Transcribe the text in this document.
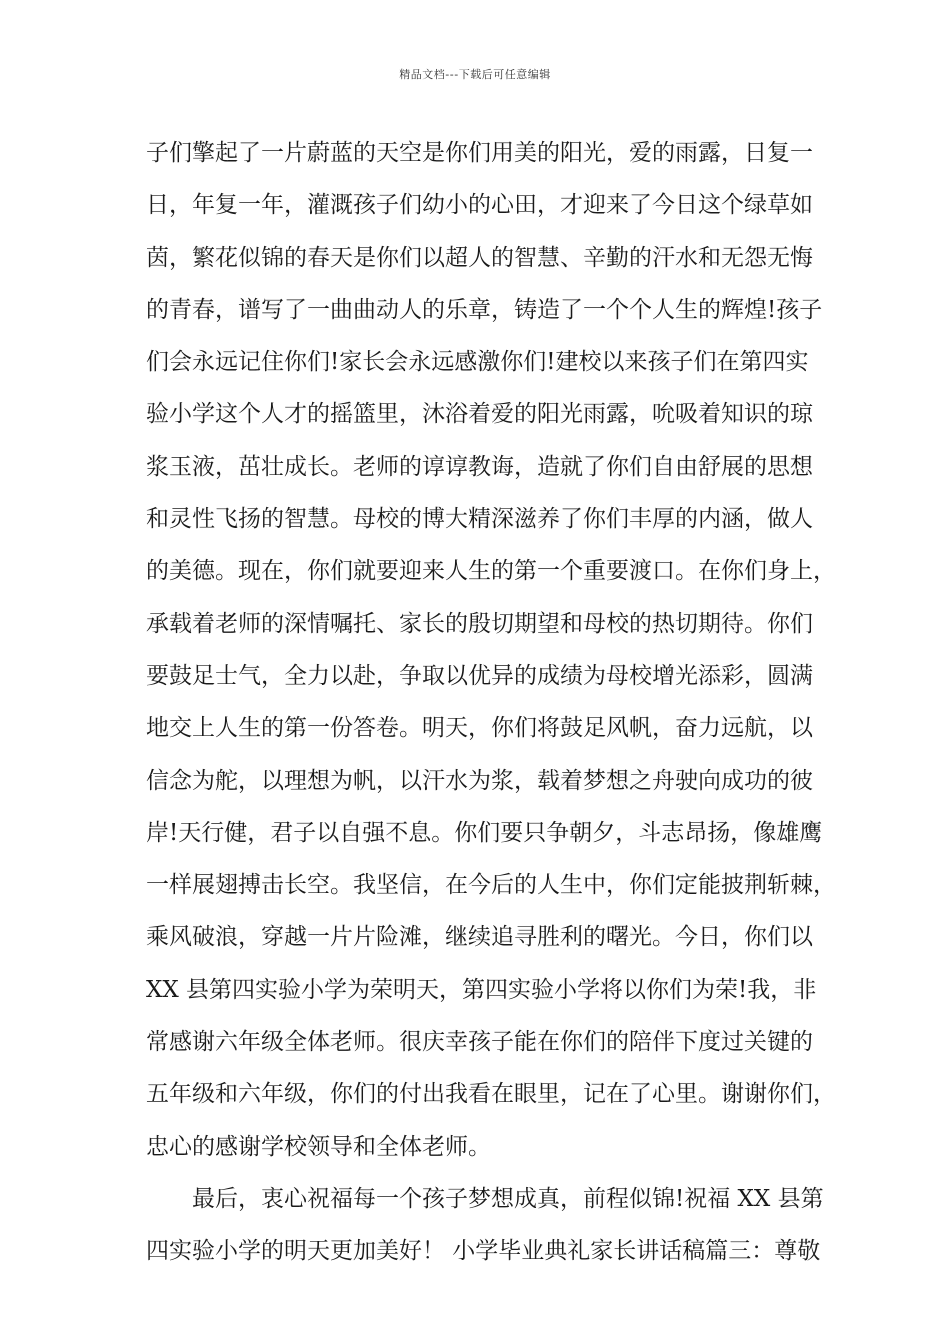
精品文档---下载后可任意编辑
子们擎起了一片蔚蓝的天空是你们用美的阳光，爱的雨露，日复一
日，年复一年，灌溉孩子们幼小的心田，才迎来了今日这个绿草如
茵，繁花似锦的春天是你们以超人的智慧、辛勤的汗水和无怨无悔
的青春，谱写了一曲曲动人的乐章，铸造了一个个人生的辉煌!孩子
们会永远记住你们!家长会永远感激你们!建校以来孩子们在第四实
验小学这个人才的摇篮里，沐浴着爱的阳光雨露，吮吸着知识的琼
浆玉液，茁壮成长。老师的谆谆教诲，造就了你们自由舒展的思想
和灵性飞扬的智慧。母校的博大精深滋养了你们丰厚的内涵，做人
的美德。现在，你们就要迎来人生的第一个重要渡口。在你们身上，
承载着老师的深情嘱托、家长的殷切期望和母校的热切期待。你们
要鼓足士气，全力以赴，争取以优异的成绩为母校增光添彩，圆满
地交上人生的第一份答卷。明天，你们将鼓足风帆，奋力远航，以
信念为舵，以理想为帆，以汗水为浆，载着梦想之舟驶向成功的彼
岸!天行健，君子以自强不息。你们要只争朝夕，斗志昂扬，像雄鹰
一样展翅搏击长空。我坚信，在今后的人生中，你们定能披荆斩棘，
乘风破浪，穿越一片片险滩，继续追寻胜利的曙光。今日，你们以
XX 县第四实验小学为荣明天，第四实验小学将以你们为荣!我，非
常感谢六年级全体老师。很庆幸孩子能在你们的陪伴下度过关键的
五年级和六年级，你们的付出我看在眼里，记在了心里。谢谢你们，
忠心的感谢学校领导和全体老师。
最后，衷心祝福每一个孩子梦想成真，前程似锦!祝福 XX 县第
四实验小学的明天更加美好！ 小学毕业典礼家长讲话稿篇三：尊敬
